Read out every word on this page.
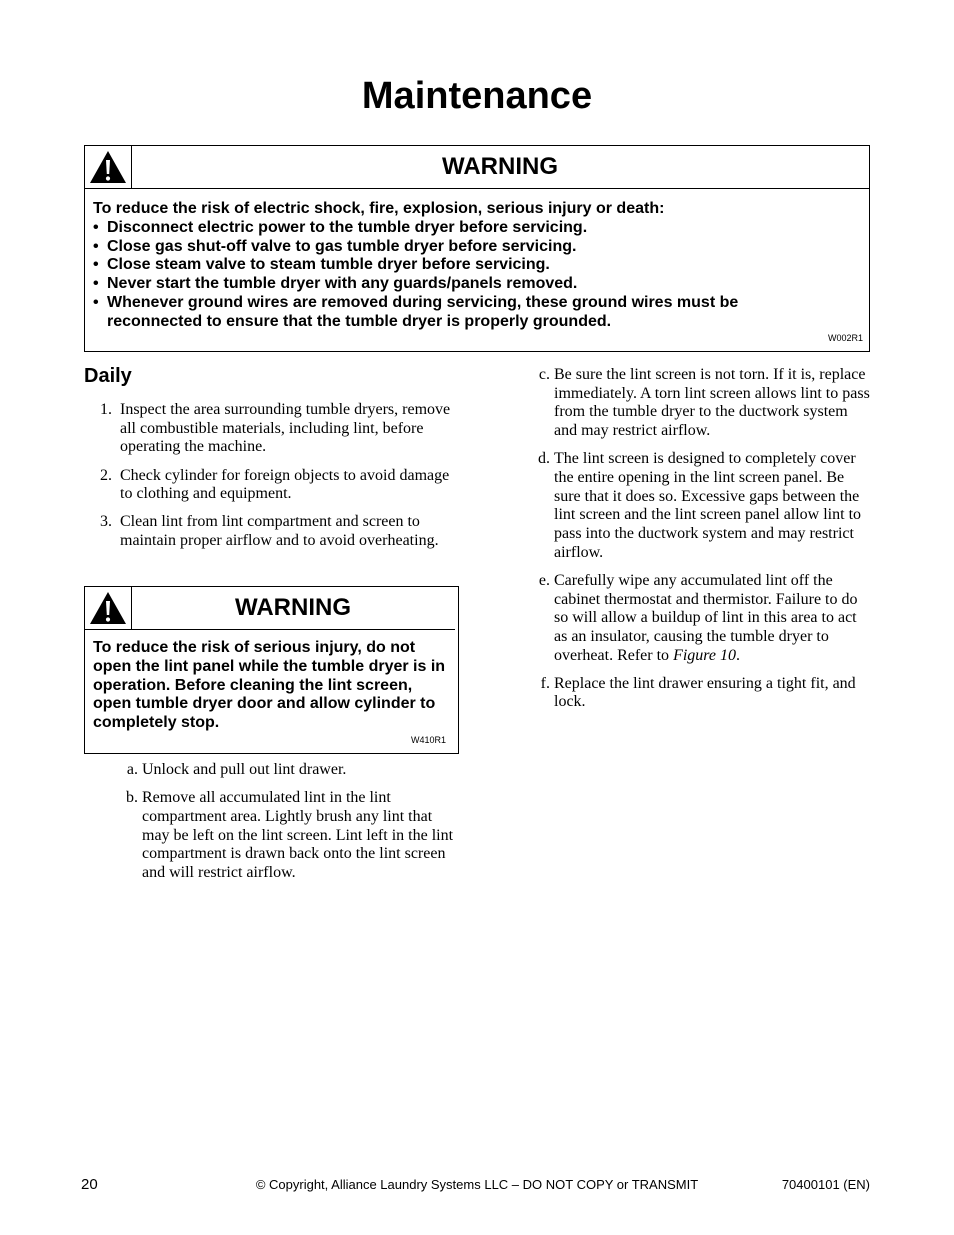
Maintenance
WARNING
To reduce the risk of electric shock, fire, explosion, serious injury or death:
• Disconnect electric power to the tumble dryer before servicing.
• Close gas shut-off valve to gas tumble dryer before servicing.
• Close steam valve to steam tumble dryer before servicing.
• Never start the tumble dryer with any guards/panels removed.
• Whenever ground wires are removed during servicing, these ground wires must be reconnected to ensure that the tumble dryer is properly grounded.
W002R1
Daily
1. Inspect the area surrounding tumble dryers, remove all combustible materials, including lint, before operating the machine.
2. Check cylinder for foreign objects to avoid damage to clothing and equipment.
3. Clean lint from lint compartment and screen to maintain proper airflow and to avoid overheating.
WARNING
To reduce the risk of serious injury, do not open the lint panel while the tumble dryer is in operation. Before cleaning the lint screen, open tumble dryer door and allow cylinder to completely stop.
W410R1
a. Unlock and pull out lint drawer.
b. Remove all accumulated lint in the lint compartment area. Lightly brush any lint that may be left on the lint screen. Lint left in the lint compartment is drawn back onto the lint screen and will restrict airflow.
c. Be sure the lint screen is not torn. If it is, replace immediately. A torn lint screen allows lint to pass from the tumble dryer to the ductwork system and may restrict airflow.
d. The lint screen is designed to completely cover the entire opening in the lint screen panel. Be sure that it does so. Excessive gaps between the lint screen and the lint screen panel allow lint to pass into the ductwork system and may restrict airflow.
e. Carefully wipe any accumulated lint off the cabinet thermostat and thermistor. Failure to do so will allow a buildup of lint in this area to act as an insulator, causing the tumble dryer to overheat. Refer to Figure 10.
f. Replace the lint drawer ensuring a tight fit, and lock.
20	© Copyright, Alliance Laundry Systems LLC – DO NOT COPY or TRANSMIT	70400101 (EN)
